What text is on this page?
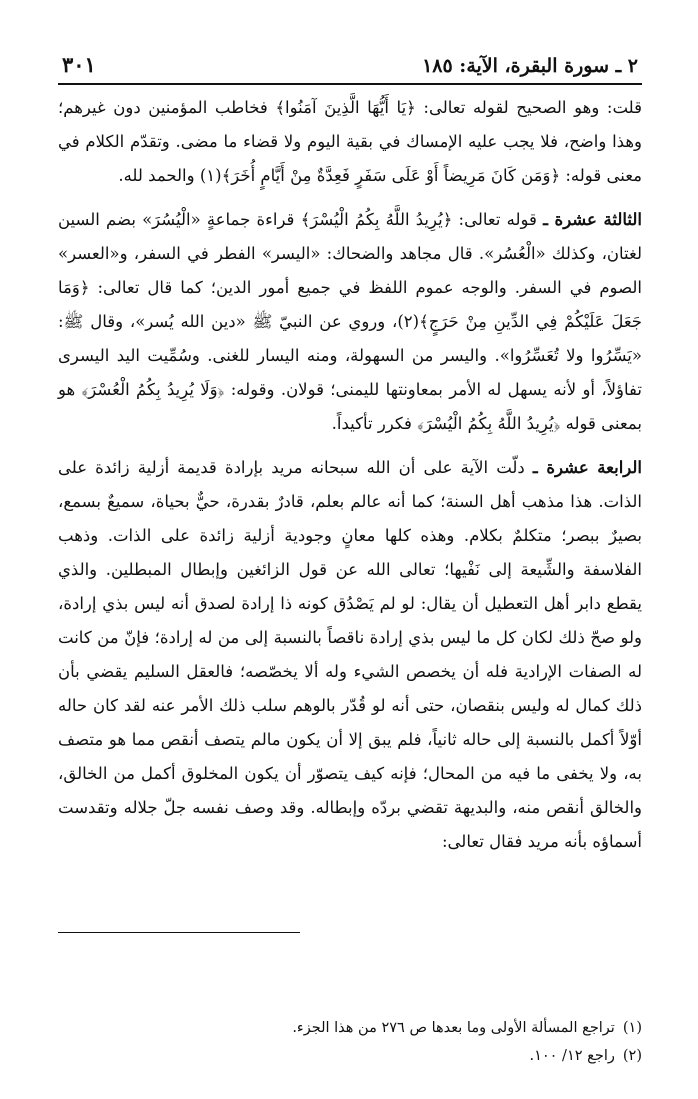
٢ ـ سورة البقرة، الآية: ١٨٥
٣٠١

قلت: وهو الصحيح لقوله تعالى: ﴿يَا أَيُّهَا الَّذِينَ آمَنُوا﴾ فخاطب المؤمنين دون غيرهم؛ وهذا واضح، فلا يجب عليه الإمساك في بقية اليوم ولا قضاء ما مضى. وتقدّم الكلام في معنى قوله: ﴿وَمَن كَانَ مَرِيضاً أَوْ عَلَى سَفَرٍ فَعِدَّةٌ مِنْ أَيَّامٍ أُخَرَ﴾(١) والحمد لله.

الثالثة عشرة ـ قوله تعالى: ﴿يُرِيدُ اللَّهُ بِكُمُ الْيُسْرَ﴾ قراءة جماعةٍ «الْيُسُرَ» بضم السين لغتان، وكذلك «الْعُسُر». قال مجاهد والضحاك: «اليسر» الفطر في السفر، و«العسر» الصوم في السفر. والوجه عموم اللفظ في جميع أمور الدين؛ كما قال تعالى: ﴿وَمَا جَعَلَ عَلَيْكُمْ فِي الدِّينِ مِنْ حَرَجٍ﴾(٢)، وروي عن النبيّ ﷺ «دين الله يُسر»، وقال ﷺ: «يَسِّرُوا ولا تُعَسِّرُوا». واليسر من السهولة، ومنه اليسار للغنى. وسُمِّيت اليد اليسرى تفاؤلاً، أو لأنه يسهل له الأمر بمعاونتها لليمنى؛ قولان. وقوله: ﴿وَلَا يُرِيدُ بِكُمُ الْعُسْرَ﴾ هو بمعنى قوله ﴿يُرِيدُ اللَّهُ بِكُمُ الْيُسْرَ﴾ فكرر تأكيداً.

الرابعة عشرة ـ دلّت الآية على أن الله سبحانه مريد بإرادة قديمة أزلية زائدة على الذات. هذا مذهب أهل السنة؛ كما أنه عالم بعلم، قادرٌ بقدرة، حيٌّ بحياة، سميعٌ بسمع، بصيرٌ ببصر؛ متكلمٌ بكلام. وهذه كلها معانٍ وجودية أزلية زائدة على الذات. وذهب الفلاسفة والشِّيعة إلى نَفْيها؛ تعالى الله عن قول الزائغين وإبطال المبطلين. والذي يقطع دابر أهل التعطيل أن يقال: لو لم يَصْدُق كونه ذا إرادة لصدق أنه ليس بذي إرادة، ولو صحّ ذلك لكان كل ما ليس بذي إرادة ناقصاً بالنسبة إلى من له إرادة؛ فإنّ من كانت له الصفات الإرادية فله أن يخصص الشيء وله ألا يخصّصه؛ فالعقل السليم يقضي بأن ذلك كمال له وليس بنقصان، حتى أنه لو قُدّر بالوهم سلب ذلك الأمر عنه لقد كان حاله أوّلاً أكمل بالنسبة إلى حاله ثانياً، فلم يبق إلا أن يكون مالم يتصف أنقص مما هو متصف به، ولا يخفى ما فيه من المحال؛ فإنه كيف يتصوّر أن يكون المخلوق أكمل من الخالق، والخالق أنقص منه، والبديهة تقضي بردّه وإبطاله. وقد وصف نفسه جلّ جلاله وتقدست أسماؤه بأنه مريد فقال تعالى:

(١)تراجع المسألة الأولى وما بعدها ص ٢٧٦ من هذا الجزء.

(٢)راجع ١٢/ ١٠٠.
